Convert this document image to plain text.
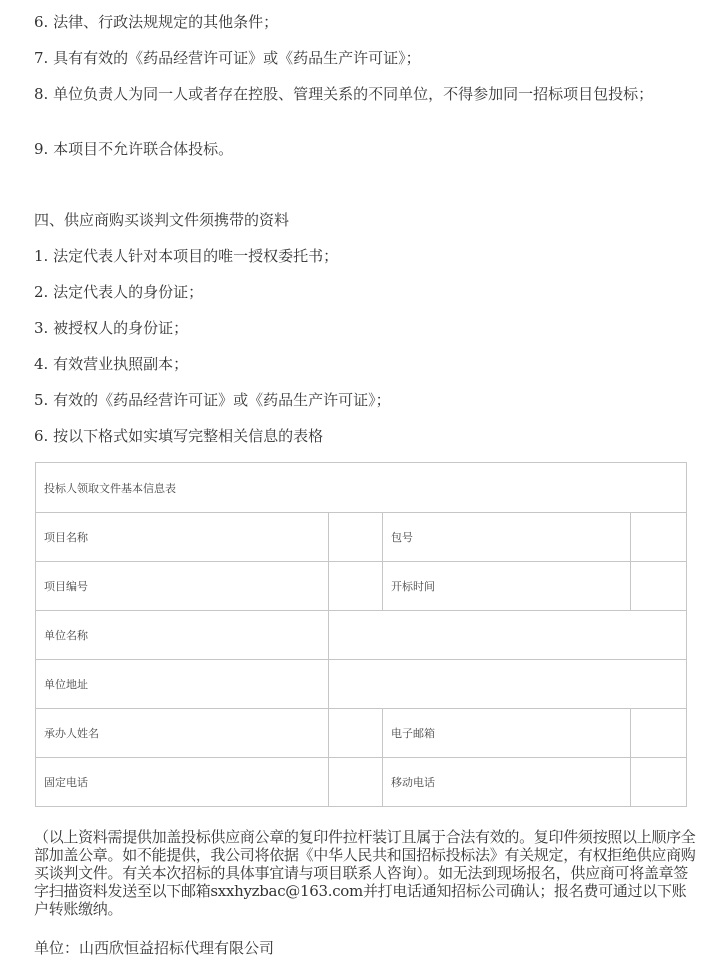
6. 法律、行政法规规定的其他条件；

7. 具有有效的《药品经营许可证》或《药品生产许可证》；

8. 单位负责人为同一人或者存在控股、管理关系的不同单位，不得参加同一招标项目包投标；

9. 本项目不允许联合体投标。

四、供应商购买谈判文件须携带的资料

1. 法定代表人针对本项目的唯一授权委托书；

2. 法定代表人的身份证；

3. 被授权人的身份证；

4. 有效营业执照副本；

5. 有效的《药品经营许可证》或《药品生产许可证》；

6. 按以下格式如实填写完整相关信息的表格

投标人领取文件基本信息表			
项目名称		包号	
项目编号		开标时间	
单位名称			
单位地址			
承办人姓名		电子邮箱	
固定电话		移动电话	

（以上资料需提供加盖投标供应商公章的复印件拉杆装订且属于合法有效的。复印件须按照以上顺序全部加盖公章。如不能提供，我公司将依据《中华人民共和国招标投标法》有关规定，有权拒绝供应商购买谈判文件。有关本次招标的具体事宜请与项目联系人咨询）。如无法到现场报名，供应商可将盖章签字扫描资料发送至以下邮箱sxxhyzbac@163.com并打电话通知招标公司确认；报名费可通过以下账户转账缴纳。

单位：山西欣恒益招标代理有限公司
